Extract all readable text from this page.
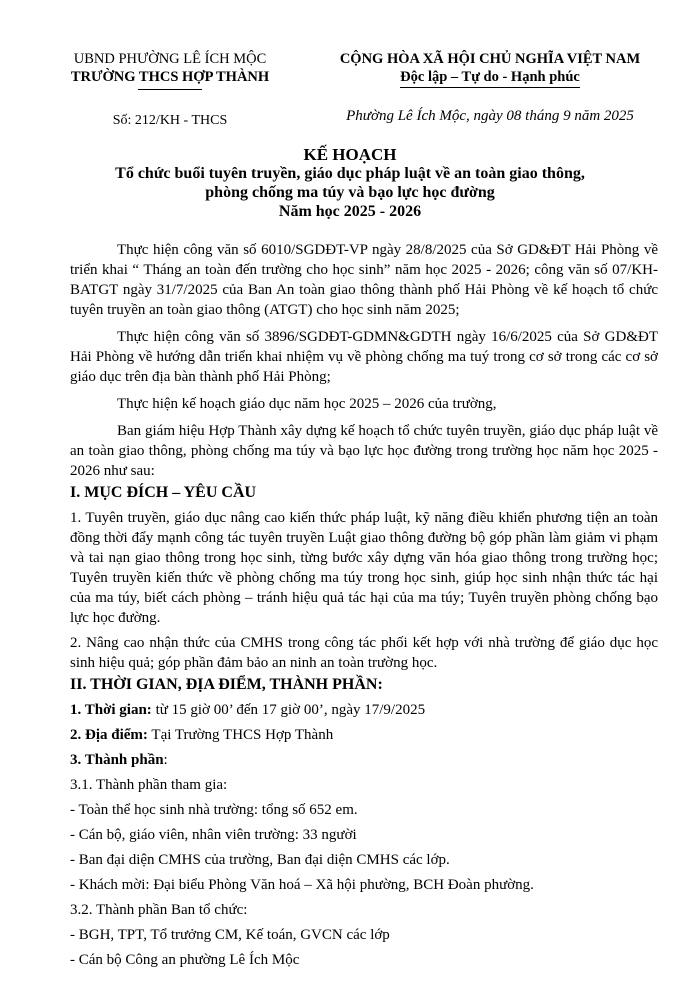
UBND PHƯỜNG LÊ ÍCH MỘC
TRƯỜNG THCS HỢP THÀNH
Số: 212/KH - THCS
CỘNG HÒA XÃ HỘI CHỦ NGHĨA VIỆT NAM
Độc lập – Tự do - Hạnh phúc
Phường Lê Ích Mộc, ngày 08 tháng 9 năm 2025
KẾ HOẠCH
Tổ chức buổi tuyên truyền, giáo dục pháp luật về an toàn giao thông,
phòng chống ma túy và bạo lực học đường
Năm học 2025 - 2026

Thực hiện công văn số 6010/SGDĐT-VP ngày 28/8/2025 của Sở GD&ĐT Hải Phòng về triển khai “ Tháng an toàn đến trường cho học sinh” năm học 2025 - 2026; công văn số 07/KH-BATGT ngày 31/7/2025 của Ban An toàn giao thông thành phố Hải Phòng về kế hoạch tổ chức tuyên truyền an toàn giao thông (ATGT) cho học sinh năm 2025;

Thực hiện công văn số 3896/SGDĐT-GDMN&GDTH ngày 16/6/2025 của Sở GD&ĐT Hải Phòng về hướng dẫn triển khai nhiệm vụ về phòng chống ma tuý trong cơ sở trong các cơ sở giáo dục trên địa bàn thành phố Hải Phòng;

Thực hiện kế hoạch giáo dục năm học 2025 – 2026 của trường,

Ban giám hiệu Hợp Thành xây dựng kế hoạch tổ chức tuyên truyền, giáo dục pháp luật về an toàn giao thông, phòng chống ma túy và bạo lực học đường trong trường học năm học 2025 - 2026 như sau:

I. MỤC ĐÍCH – YÊU CẦU

1. Tuyên truyền, giáo dục nâng cao kiến thức pháp luật, kỹ năng điều khiển phương tiện an toàn đồng thời đẩy mạnh công tác tuyên truyền Luật giao thông đường bộ góp phần làm giảm vi phạm và tai nạn giao thông trong học sinh, từng bước xây dựng văn hóa giao thông trong trường học; Tuyên truyền kiến thức về phòng chống ma túy trong học sinh, giúp học sinh nhận thức tác hại của ma túy, biết cách phòng – tránh hiệu quả tác hại của ma túy; Tuyên truyền phòng chống bạo lực học đường.

2. Nâng cao nhận thức của CMHS trong công tác phối kết hợp với nhà trường để giáo dục học sinh hiệu quả; góp phần đảm bảo an ninh an toàn trường học.

II. THỜI GIAN, ĐỊA ĐIỂM, THÀNH PHẦN:

1. Thời gian: từ 15 giờ 00’ đến 17 giờ 00’, ngày 17/9/2025

2. Địa điểm: Tại Trường THCS Hợp Thành

3. Thành phần:

3.1. Thành phần tham gia:

- Toàn thể học sinh nhà trường: tổng số 652 em.

- Cán bộ, giáo viên, nhân viên trường: 33 người

- Ban đại diện CMHS của trường, Ban đại diện CMHS các lớp.

- Khách mời: Đại biểu Phòng Văn hoá – Xã hội phường, BCH Đoàn phường.

3.2. Thành phần Ban tổ chức:

- BGH, TPT, Tổ trưởng CM, Kế toán, GVCN các lớp

- Cán bộ Công an phường Lê Ích Mộc
